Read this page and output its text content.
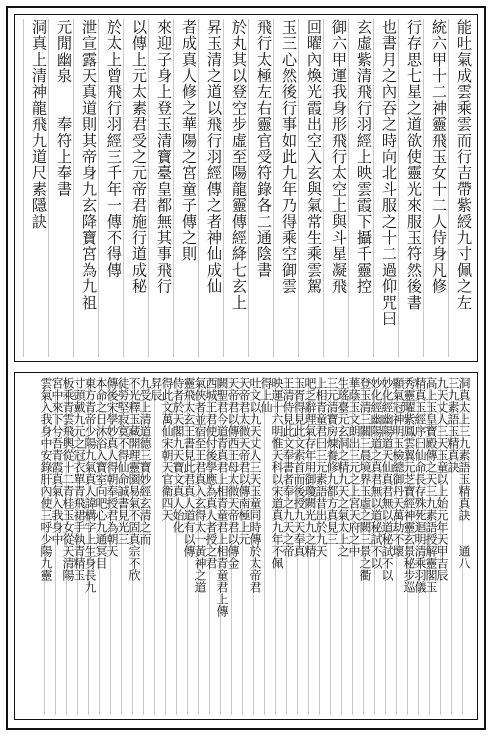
能吐氣成雲乘雲而行吉帶紫綬九寸佩之左
統六甲十二神靈飛玉女十二人侍身凡修
行存思七星之道欲使靈光來服玉符然後書
也書月之內吞之時向北斗服之十二過仰咒曰
玄虛紫清飛行羽經上映雲霞下攝千靈控
御六甲運我身形飛行太空上與斗星凝飛
回曜內煥光霞出空入玄與氣常生乘雲駕
玉三心然後行事如此九年乃得乘空御雲
飛行太極左右靈官受符錄各二通陰書
於丸其以登空步虛至陽龍靈傳經絳七玄上
昇玉清之道以飛行羽經傳之者神仙成仙
者成真人修之華陽之宮童子傳之則
來迎子身上登玉清寶臺皇都無其事飛行
以傳上元太素君受之元帝君施行道成秘
於太上曾飛行羽經三千年一傳不得傳
泄宣露天真道則其帝身九玄降寶宮為九祖
元閒幽泉　　奉符上奉書
洞真上清神龍飛九道尺素隱訣
洞真太上三九素語玉精真訣　　通八
三九素語玉精真訣
九天丈人三天玉童以上始元年天甲吉辰
高上玉皇寶殿傳之天三九素語授解靈閣玉
精真玉經序曰仙命長存殊死迴明清乘羽儀
秀靈曜紫鳳雲翼元芝寶經神靈玄景秘步巡
顯氣冠神明玉檢總御丹天萬劫不壞
妙化經幽陽道天仙真君無以道秘試不以
妙化經幽陽道之真君無以道秘試不以
登玉清三關三晨境界玉虛之闕三景之衢
華蔭玉文朗出三元之上宮天府之中
生瑤臺元玄洞之精九天之氣太上之
三元清寶房煉養修九都方真見三
上相青童君曰三元素語昔出於九天
吧乏辭理氣存年用御瓊闕光九之精
玉胥得見此文索首而後授九天奉真
王清侍見此文奉書者奉之九天之帝
映運十六明惟天科以宋道真九年不佩
得上仙
吐文以九天丈人三天玉童同時傳於太帝君
天帝君太微天帝君以傳南極上元
天帝君以傳西王母太微天帝君以傳金
闕聖君今道青真君上相青童君上相青童君上傳
西城王君使付後學應為真人者授之君
氣俠者並宿至王君真入玄得太一黃神之道
靈飛太玄王書見此君真人道有以傳
侍者於天閣九天寶文真人始化
得此文萬仙宋朝天官衛四天
昇辰
九受上清道德三寶妙經玄清之而
不光釋玉藏開理靈園易氣不固真宗不欣
徒勞堅寂寞不得仙命誠書見光三
傳後宋學妙真人得朝奉授君為朝天
本命之日沐浴入寶室向吧心九通冥目
東方青帝少陽九氣真人諱構字上生身長九
寸頭戴九元之冠衣單青飛裙手執青精玉
板乘青雲飛輿從十二青桂玉女從天清陽
宮中來下兮吾青霞真氣入我身中
雲氣入我身中安錄肝內使三呼少陽九靈
